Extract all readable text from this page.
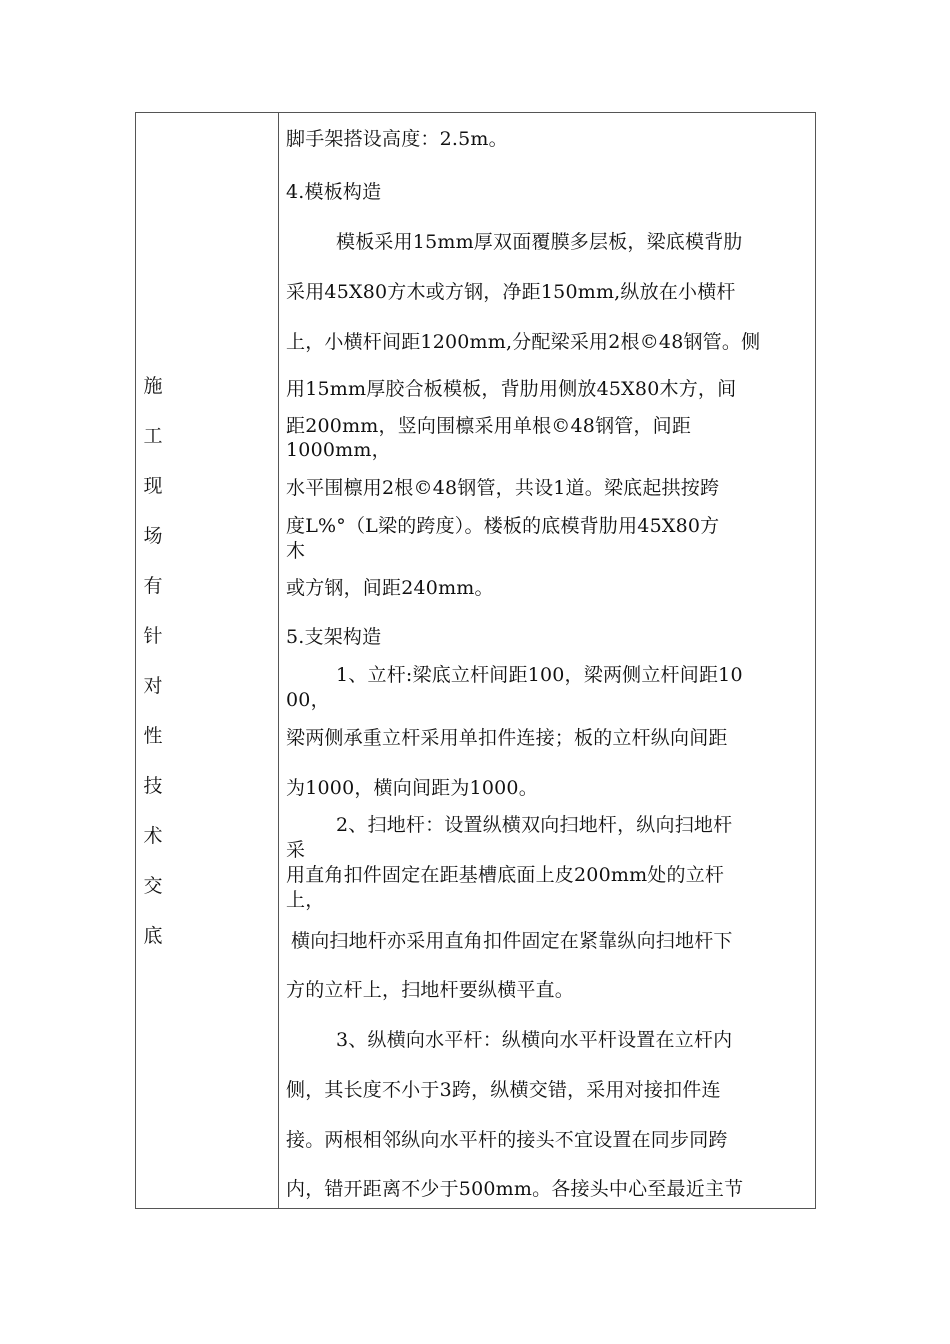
施
工
现
场
有
针
对
性
技
术
交
底
脚手架搭设高度：2.5m。
4.模板构造
模板采用15mm厚双面覆膜多层板，梁底模背肋
采用45X80方木或方钢，净距150mm,纵放在小横杆
上，小横杆间距1200mm,分配梁采用2根©48钢管。侧
用15mm厚胶合板模板，背肋用侧放45X80木方，间
距200mm，竖向围檩采用单根©48钢管，间距
1000mm，
水平围檩用2根©48钢管，共设1道。梁底起拱按跨
度L%°（L梁的跨度）。楼板的底模背肋用45X80方
木
或方钢，间距240mm。
5.支架构造
1、立杆:梁底立杆间距100，梁两侧立杆间距10
00，
梁两侧承重立杆采用单扣件连接；板的立杆纵向间距
为1000，横向间距为1000。
2、扫地杆：设置纵横双向扫地杆，纵向扫地杆
采
用直角扣件固定在距基槽底面上皮200mm处的立杆
上，
横向扫地杆亦采用直角扣件固定在紧靠纵向扫地杆下
方的立杆上，扫地杆要纵横平直。
3、纵横向水平杆：纵横向水平杆设置在立杆内
侧，其长度不小于3跨，纵横交错，采用对接扣件连
接。两根相邻纵向水平杆的接头不宜设置在同步同跨
内，错开距离不少于500mm。各接头中心至最近主节
